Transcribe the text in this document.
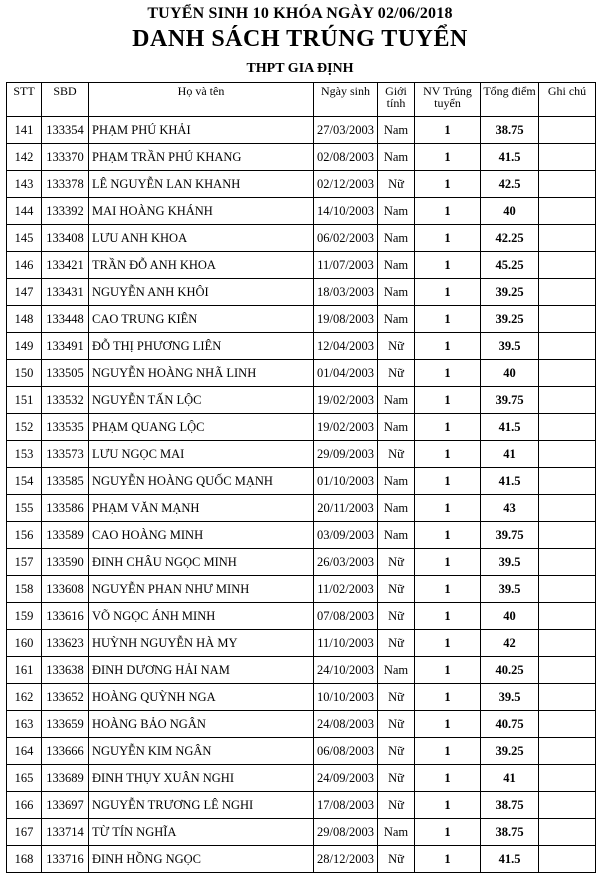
TUYỂN SINH 10 KHÓA NGÀY 02/06/2018
DANH SÁCH TRÚNG TUYỂN
THPT GIA ĐỊNH
STT	SBD	Họ và tên	Ngày sinh	Giới tính	NV Trúng tuyển	Tổng điểm	Ghi chú
141	133354	PHẠM PHÚ KHẢI	27/03/2003	Nam	1	38.75	
142	133370	PHẠM TRẦN PHÚ KHANG	02/08/2003	Nam	1	41.5	
143	133378	LÊ NGUYỄN LAN KHANH	02/12/2003	Nữ	1	42.5	
144	133392	MAI HOÀNG KHÁNH	14/10/2003	Nam	1	40	
145	133408	LƯU ANH KHOA	06/02/2003	Nam	1	42.25	
146	133421	TRẦN ĐỖ ANH KHOA	11/07/2003	Nam	1	45.25	
147	133431	NGUYỄN ANH KHÔI	18/03/2003	Nam	1	39.25	
148	133448	CAO TRUNG KIÊN	19/08/2003	Nam	1	39.25	
149	133491	ĐỖ THỊ PHƯƠNG LIÊN	12/04/2003	Nữ	1	39.5	
150	133505	NGUYỄN HOÀNG NHÃ LINH	01/04/2003	Nữ	1	40	
151	133532	NGUYỄN TẤN LỘC	19/02/2003	Nam	1	39.75	
152	133535	PHẠM QUANG LỘC	19/02/2003	Nam	1	41.5	
153	133573	LƯU NGỌC MAI	29/09/2003	Nữ	1	41	
154	133585	NGUYỄN HOÀNG QUỐC MẠNH	01/10/2003	Nam	1	41.5	
155	133586	PHẠM VĂN MẠNH	20/11/2003	Nam	1	43	
156	133589	CAO HOÀNG MINH	03/09/2003	Nam	1	39.75	
157	133590	ĐINH CHÂU NGỌC MINH	26/03/2003	Nữ	1	39.5	
158	133608	NGUYỄN PHAN NHƯ MINH	11/02/2003	Nữ	1	39.5	
159	133616	VÕ NGỌC ÁNH MINH	07/08/2003	Nữ	1	40	
160	133623	HUỲNH NGUYỄN HÀ MY	11/10/2003	Nữ	1	42	
161	133638	ĐINH DƯƠNG HẢI NAM	24/10/2003	Nam	1	40.25	
162	133652	HOÀNG QUỲNH NGA	10/10/2003	Nữ	1	39.5	
163	133659	HOÀNG BẢO NGÂN	24/08/2003	Nữ	1	40.75	
164	133666	NGUYỄN KIM NGÂN	06/08/2003	Nữ	1	39.25	
165	133689	ĐINH THỤY XUÂN NGHI	24/09/2003	Nữ	1	41	
166	133697	NGUYỄN TRƯƠNG LÊ NGHI	17/08/2003	Nữ	1	38.75	
167	133714	TỪ TÍN NGHĨA	29/08/2003	Nam	1	38.75	
168	133716	ĐINH HỒNG NGỌC	28/12/2003	Nữ	1	41.5	
